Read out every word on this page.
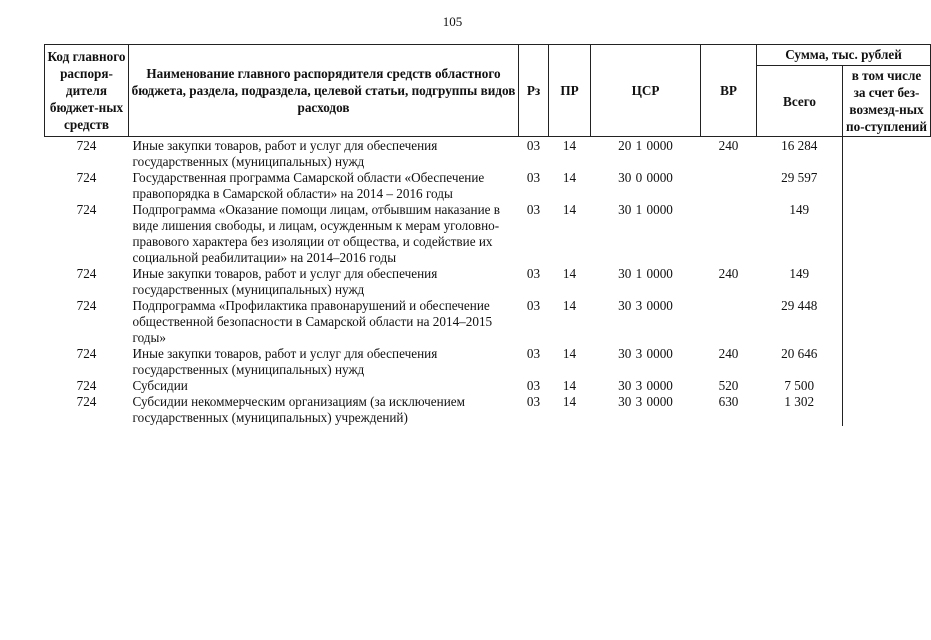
105
Код главного распоря-дителя бюджет-ных средств	Наименование главного распорядителя средств областного бюджета, раздела, подраздела, целевой статьи, подгруппы видов расходов	Рз	ПР	ЦСР	ВР	Сумма, тыс. рублей	
						Всего	в том числе за счет без-возмезд-ных по-ступлений
724	Иные закупки товаров, работ и услуг для обеспечения государственных (муниципальных) нужд	03	14	20 1 0000	240	16 284	
724	Государственная программа Самарской области «Обеспечение правопорядка в Самарской области» на 2014 – 2016 годы	03	14	30 0 0000		29 597	
724	Подпрограмма «Оказание помощи лицам, отбывшим наказание в виде лишения свободы, и лицам, осужденным к мерам уголовно-правового характера без изоляции от общества, и содействие их социальной реабилитации» на 2014–2016 годы	03	14	30 1 0000		149	
724	Иные закупки товаров, работ и услуг для обеспечения государственных (муниципальных) нужд	03	14	30 1 0000	240	149	
724	Подпрограмма «Профилактика правонарушений и обеспечение общественной безопасности в Самарской области на 2014–2015 годы»	03	14	30 3 0000		29 448	
724	Иные закупки товаров, работ и услуг для обеспечения государственных (муниципальных) нужд	03	14	30 3 0000	240	20 646	
724	Субсидии	03	14	30 3 0000	520	7 500	
724	Субсидии некоммерческим организациям (за исключением государственных (муниципальных) учреждений)	03	14	30 3 0000	630	1 302	
